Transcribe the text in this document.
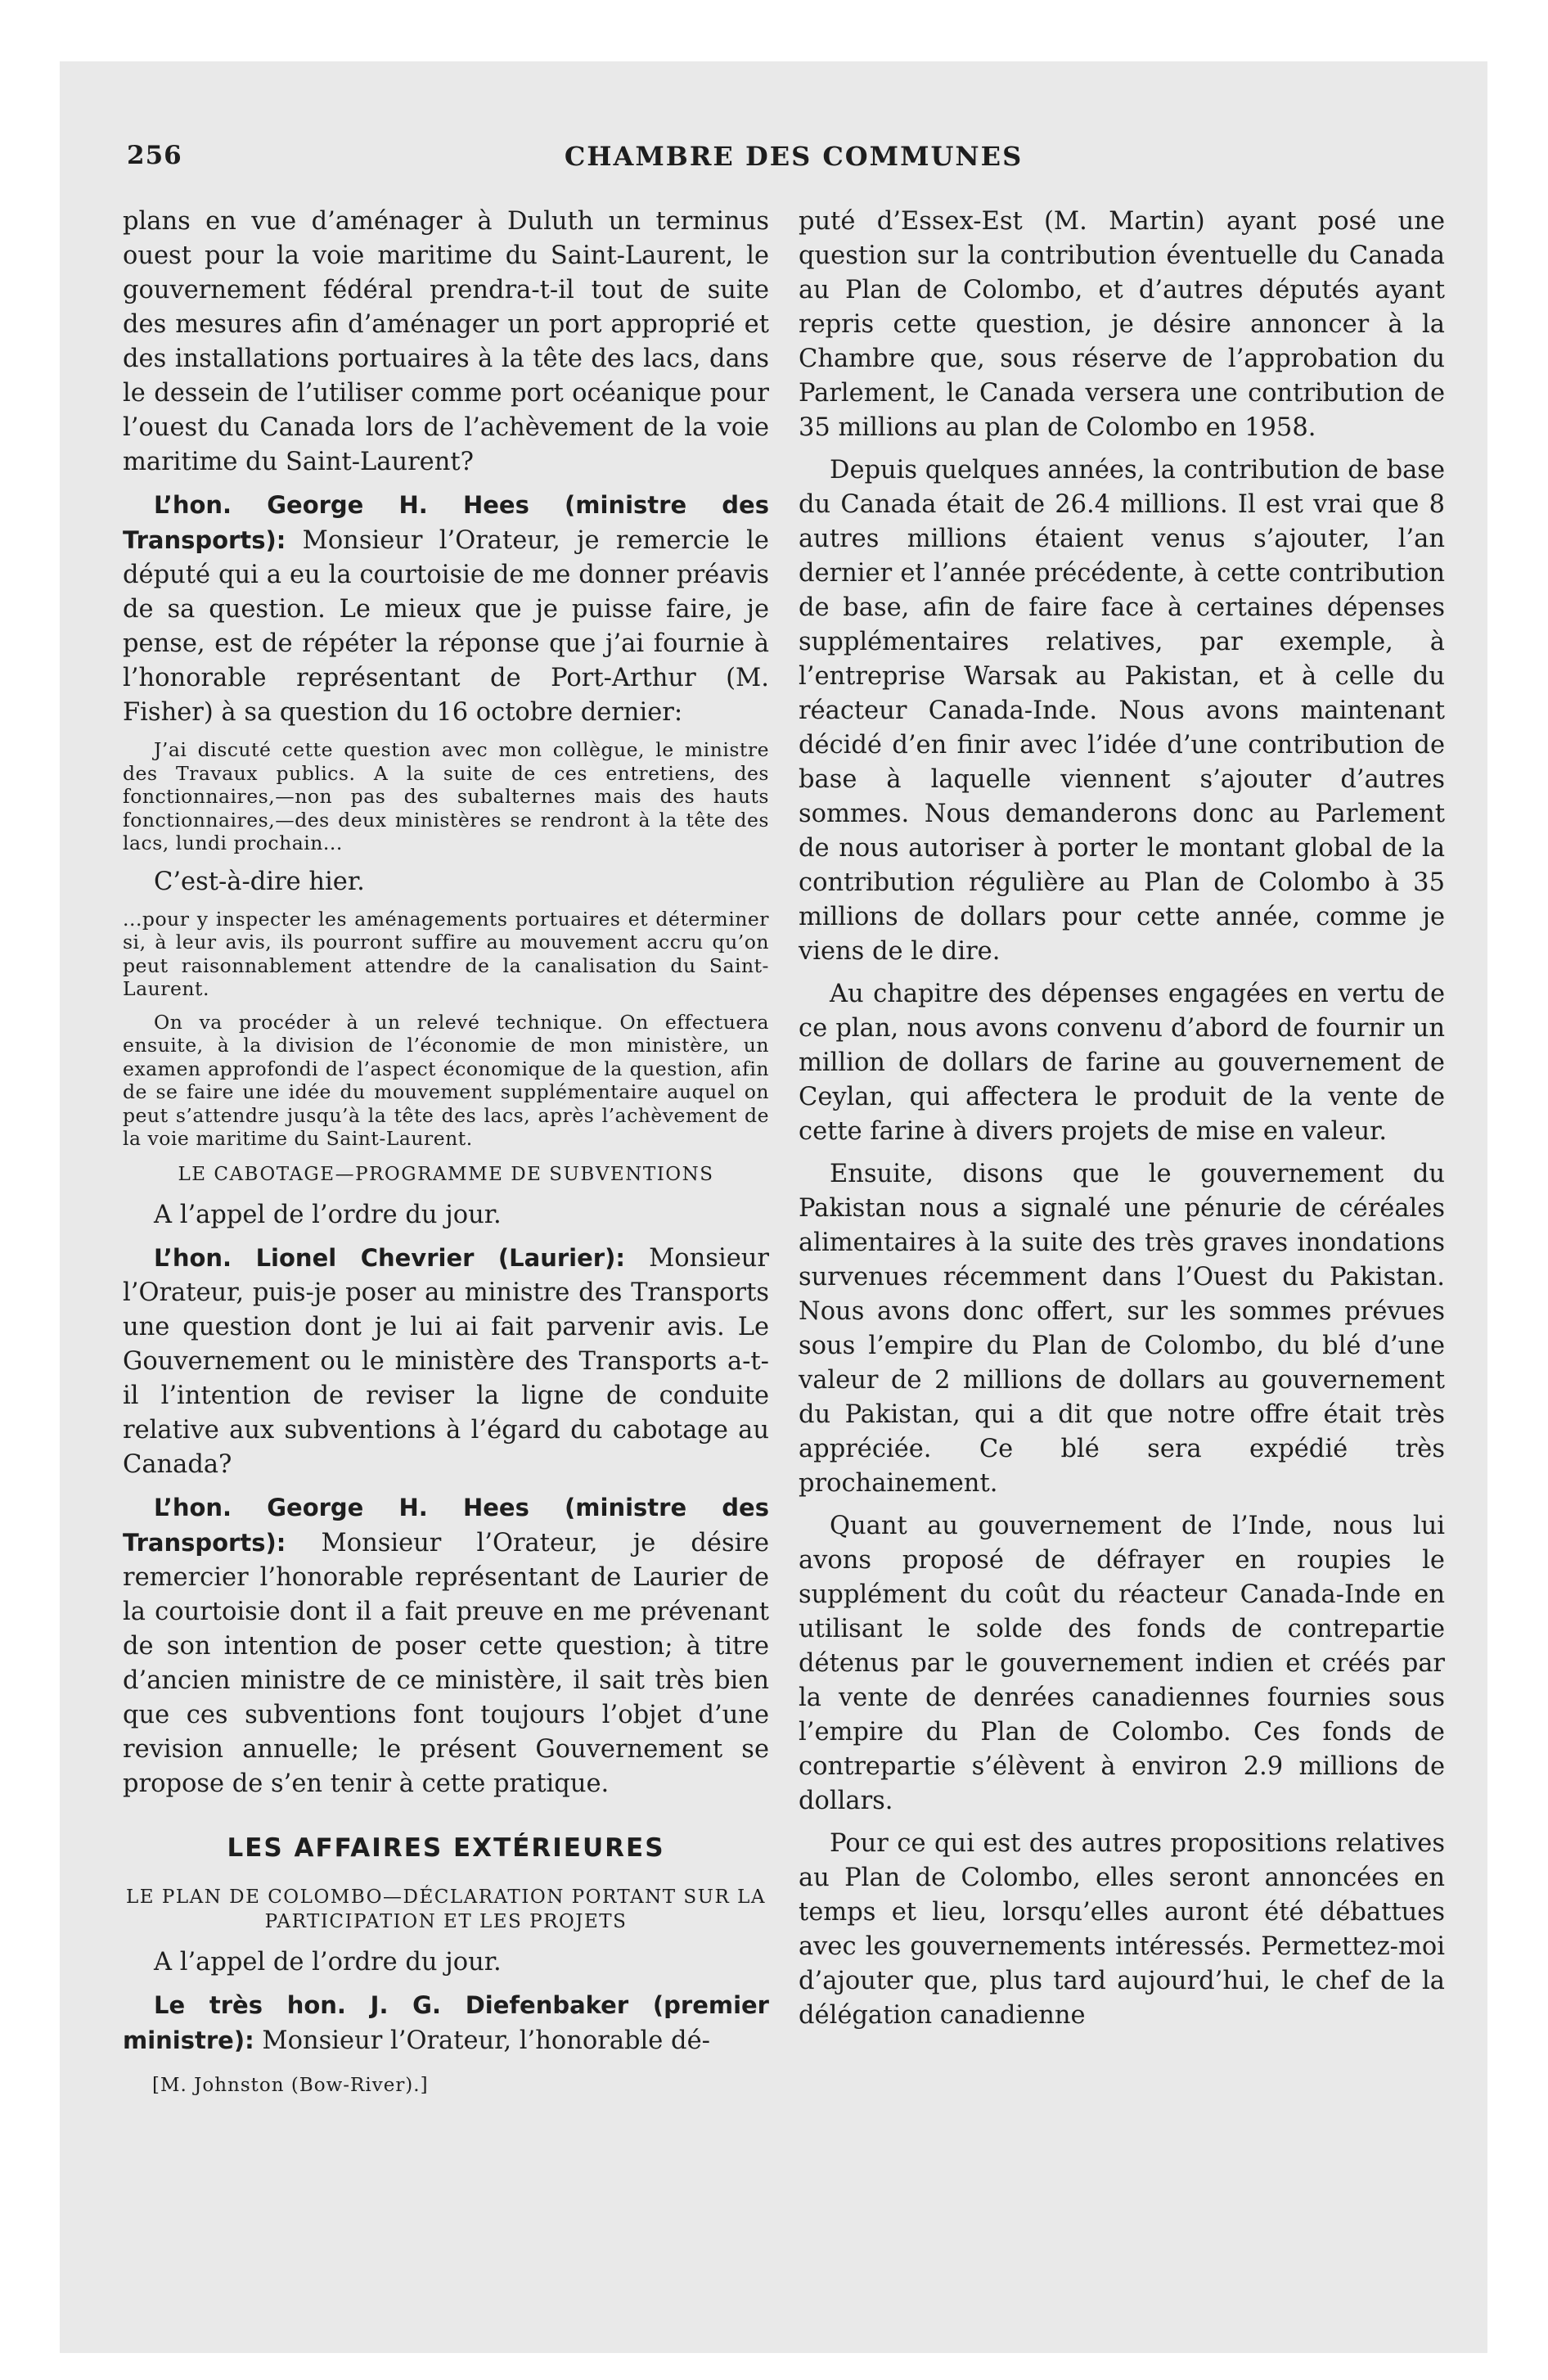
256	CHAMBRE DES COMMUNES

plans en vue d’aménager à Duluth un terminus ouest pour la voie maritime du Saint-Laurent, le gouvernement fédéral prendra-t-il tout de suite des mesures afin d’aménager un port approprié et des installations portuaires à la tête des lacs, dans le dessein de l’utiliser comme port océanique pour l’ouest du Canada lors de l’achèvement de la voie maritime du Saint-Laurent?

L’hon. George H. Hees (ministre des Transports): Monsieur l’Orateur, je remercie le député qui a eu la courtoisie de me donner préavis de sa question. Le mieux que je puisse faire, je pense, est de répéter la réponse que j’ai fournie à l’honorable représentant de Port-Arthur (M. Fisher) à sa question du 16 octobre dernier:

J’ai discuté cette question avec mon collègue, le ministre des Travaux publics. A la suite de ces entretiens, des fonctionnaires,—non pas des subalternes mais des hauts fonctionnaires,—des deux ministères se rendront à la tête des lacs, lundi prochain...

C’est-à-dire hier.

...pour y inspecter les aménagements portuaires et déterminer si, à leur avis, ils pourront suffire au mouvement accru qu’on peut raisonnablement attendre de la canalisation du Saint-Laurent.
On va procéder à un relevé technique. On effectuera ensuite, à la division de l’économie de mon ministère, un examen approfondi de l’aspect économique de la question, afin de se faire une idée du mouvement supplémentaire auquel on peut s’attendre jusqu’à la tête des lacs, après l’achèvement de la voie maritime du Saint-Laurent.
LE CABOTAGE—PROGRAMME DE SUBVENTIONS

A l’appel de l’ordre du jour.

L’hon. Lionel Chevrier (Laurier): Monsieur l’Orateur, puis-je poser au ministre des Transports une question dont je lui ai fait parvenir avis. Le Gouvernement ou le ministère des Transports a-t-il l’intention de reviser la ligne de conduite relative aux subventions à l’égard du cabotage au Canada?

L’hon. George H. Hees (ministre des Transports): Monsieur l’Orateur, je désire remercier l’honorable représentant de Laurier de la courtoisie dont il a fait preuve en me prévenant de son intention de poser cette question; à titre d’ancien ministre de ce ministère, il sait très bien que ces subventions font toujours l’objet d’une revision annuelle; le présent Gouvernement se propose de s’en tenir à cette pratique.

LES AFFAIRES EXTÉRIEURES
LE PLAN DE COLOMBO—DÉCLARATION PORTANT SUR LA PARTICIPATION ET LES PROJETS

A l’appel de l’ordre du jour.

Le très hon. J. G. Diefenbaker (premier ministre): Monsieur l’Orateur, l’honorable dé-

[M. Johnston (Bow-River).]

puté d’Essex-Est (M. Martin) ayant posé une question sur la contribution éventuelle du Canada au Plan de Colombo, et d’autres députés ayant repris cette question, je désire annoncer à la Chambre que, sous réserve de l’approbation du Parlement, le Canada versera une contribution de 35 millions au plan de Colombo en 1958.

Depuis quelques années, la contribution de base du Canada était de 26.4 millions. Il est vrai que 8 autres millions étaient venus s’ajouter, l’an dernier et l’année précédente, à cette contribution de base, afin de faire face à certaines dépenses supplémentaires relatives, par exemple, à l’entreprise Warsak au Pakistan, et à celle du réacteur Canada-Inde. Nous avons maintenant décidé d’en finir avec l’idée d’une contribution de base à laquelle viennent s’ajouter d’autres sommes. Nous demanderons donc au Parlement de nous autoriser à porter le montant global de la contribution régulière au Plan de Colombo à 35 millions de dollars pour cette année, comme je viens de le dire.

Au chapitre des dépenses engagées en vertu de ce plan, nous avons convenu d’abord de fournir un million de dollars de farine au gouvernement de Ceylan, qui affectera le produit de la vente de cette farine à divers projets de mise en valeur.

Ensuite, disons que le gouvernement du Pakistan nous a signalé une pénurie de céréales alimentaires à la suite des très graves inondations survenues récemment dans l’Ouest du Pakistan. Nous avons donc offert, sur les sommes prévues sous l’empire du Plan de Colombo, du blé d’une valeur de 2 millions de dollars au gouvernement du Pakistan, qui a dit que notre offre était très appréciée. Ce blé sera expédié très prochainement.

Quant au gouvernement de l’Inde, nous lui avons proposé de défrayer en roupies le supplément du coût du réacteur Canada-Inde en utilisant le solde des fonds de contrepartie détenus par le gouvernement indien et créés par la vente de denrées canadiennes fournies sous l’empire du Plan de Colombo. Ces fonds de contrepartie s’élèvent à environ 2.9 millions de dollars.

Pour ce qui est des autres propositions relatives au Plan de Colombo, elles seront annoncées en temps et lieu, lorsqu’elles auront été débattues avec les gouvernements intéressés. Permettez-moi d’ajouter que, plus tard aujourd’hui, le chef de la délégation canadienne
